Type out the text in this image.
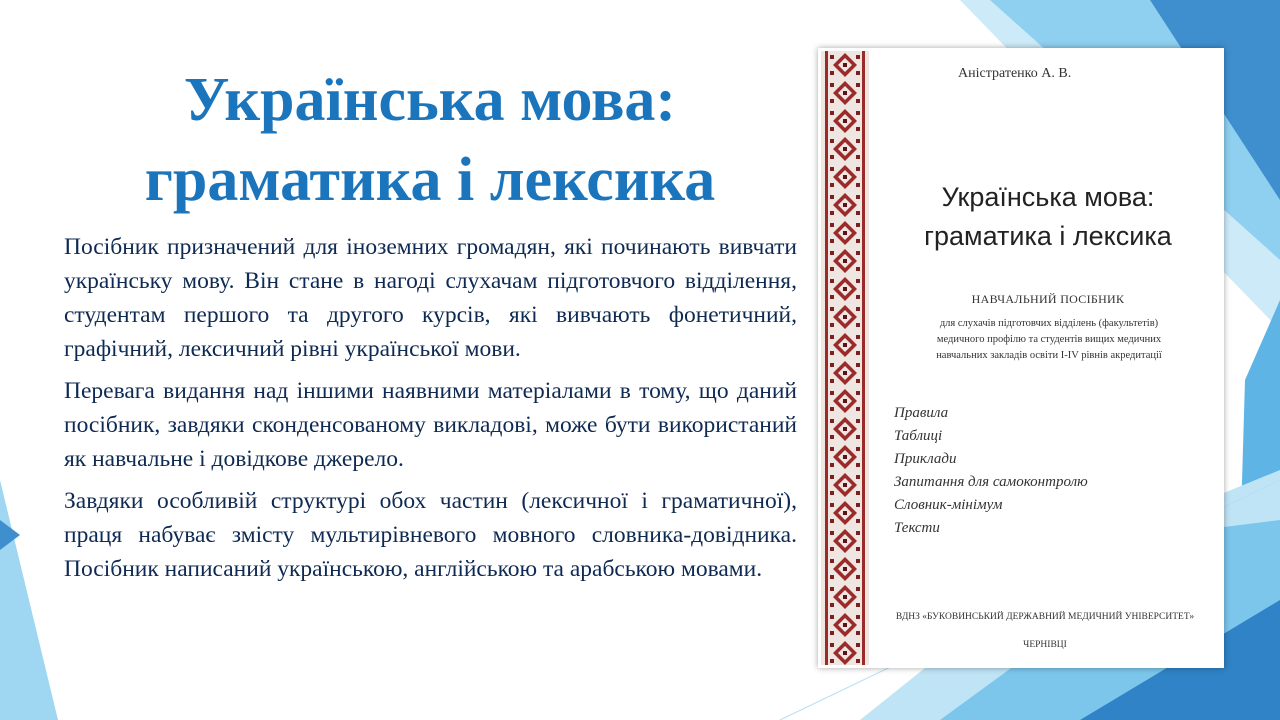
Українська мова:
граматика і лексика

Посібник призначений для іноземних громадян, які починають вивчати українську мову. Він стане в нагоді слухачам підготовчого відділення, студентам першого та другого курсів, які вивчають фонетичний, графічний, лексичний рівні української мови.

Перевага видання над іншими наявними матеріалами в тому, що даний посібник, завдяки сконденсованому викладові, може бути використаний як навчальне і довідкове джерело.

Завдяки особливій структурі обох частин (лексичної і граматичної), праця набуває змісту мультирівневого мовного словника-довідника. Посібник написаний українською, англійською та арабською мовами.

Аністратенко А. В.
Українська мова:
граматика і лексика
НАВЧАЛЬНИЙ ПОСІБНИК
для слухачів підготовчих відділень (факультетів)
медичного профілю та студентів вищих медичних
навчальних закладів освіти I-IV рівнів акредитації
Правила
Таблиці
Приклади
Запитання для самоконтролю
Словник-мінімум
Тексти
ВДНЗ «БУКОВИНСЬКИЙ ДЕРЖАВНИЙ МЕДИЧНИЙ УНІВЕРСИТЕТ»
ЧЕРНІВЦІ
